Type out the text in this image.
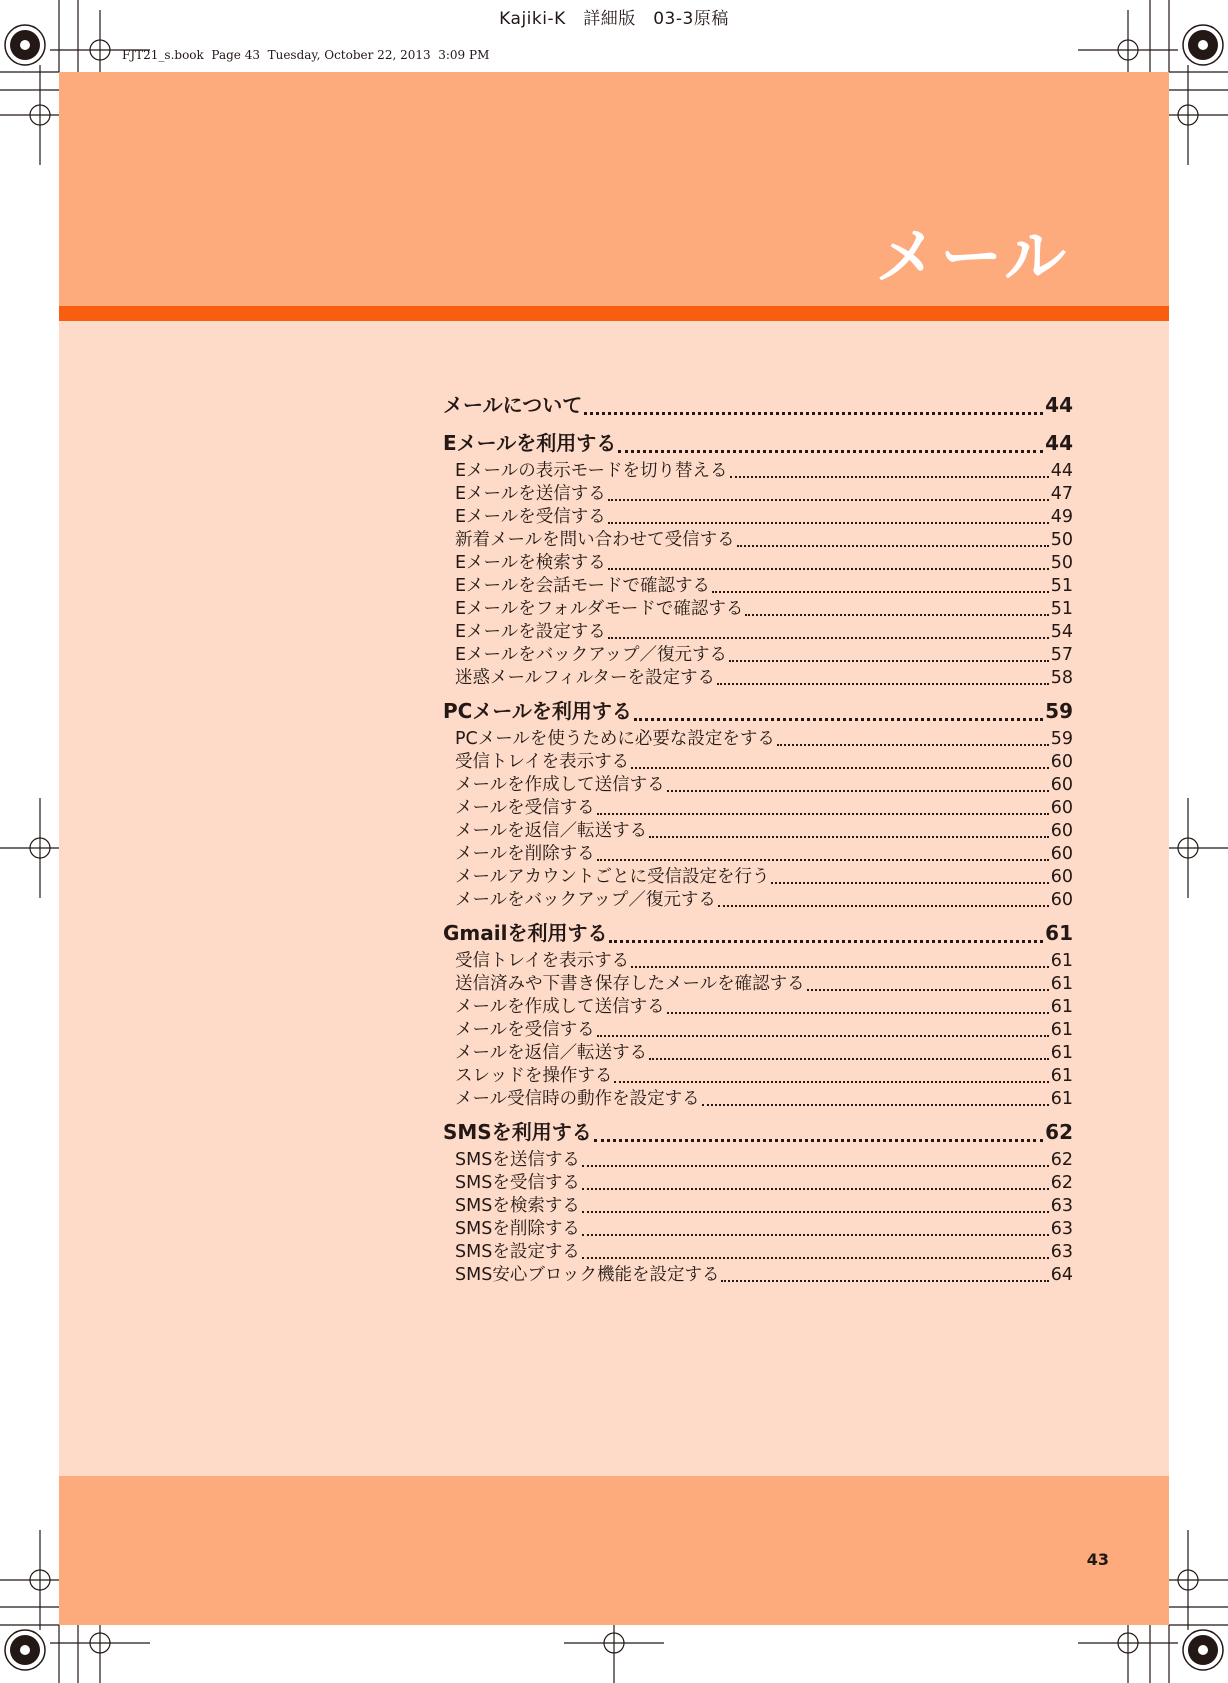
Kajiki-K　詳細版　03-3原稿
FJT21_s.book  Page 43  Tuesday, October 22, 2013  3:09 PM
メール
メールについて	44
Eメールを利用する	44
Eメールの表示モードを切り替える	44
Eメールを送信する	47
Eメールを受信する	49
新着メールを問い合わせて受信する	50
Eメールを検索する	50
Eメールを会話モードで確認する	51
Eメールをフォルダモードで確認する	51
Eメールを設定する	54
Eメールをバックアップ／復元する	57
迷惑メールフィルターを設定する	58
PCメールを利用する	59
PCメールを使うために必要な設定をする	59
受信トレイを表示する	60
メールを作成して送信する	60
メールを受信する	60
メールを返信／転送する	60
メールを削除する	60
メールアカウントごとに受信設定を行う	60
メールをバックアップ／復元する	60
Gmailを利用する	61
受信トレイを表示する	61
送信済みや下書き保存したメールを確認する	61
メールを作成して送信する	61
メールを受信する	61
メールを返信／転送する	61
スレッドを操作する	61
メール受信時の動作を設定する	61
SMSを利用する	62
SMSを送信する	62
SMSを受信する	62
SMSを検索する	63
SMSを削除する	63
SMSを設定する	63
SMS安心ブロック機能を設定する	64
43
